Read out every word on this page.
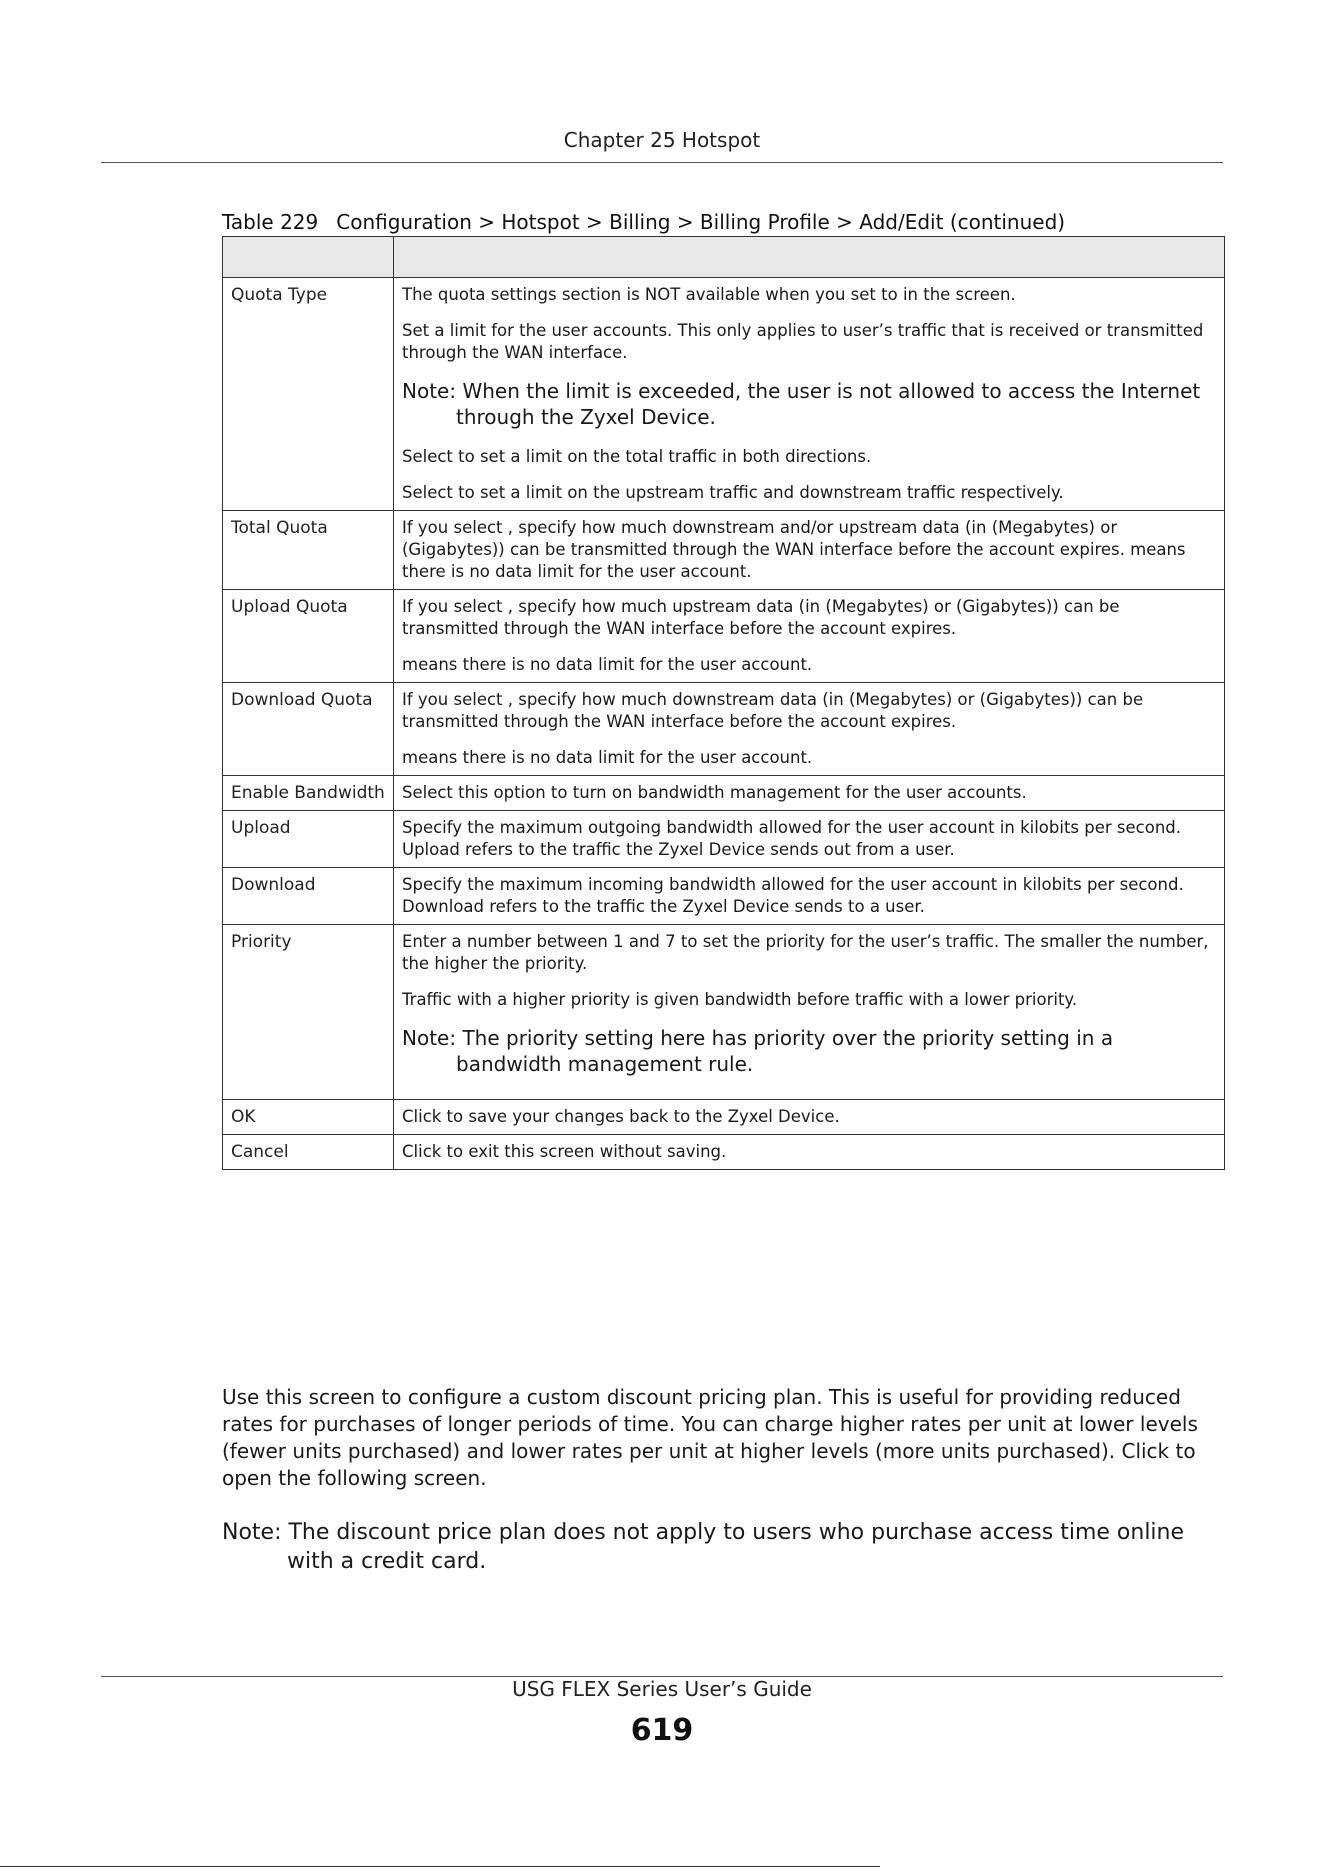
Chapter 25 Hotspot
Table 229 Configuration > Hotspot > Billing > Billing Profile > Add/Edit (continued)

Quota Type	The quota settings section is NOT available when you set to in the screen.

Set a limit for the user accounts. This only applies to user’s traffic that is received or transmitted through the WAN interface.

Note: When the limit is exceeded, the user is not allowed to access the Internet through the Zyxel Device.

Select to set a limit on the total traffic in both directions.

Select to set a limit on the upstream traffic and downstream traffic respectively.

Total Quota	If you select , specify how much downstream and/or upstream data (in (Megabytes) or (Gigabytes)) can be transmitted through the WAN interface before the account expires. means there is no data limit for the user account.

Upload Quota	If you select , specify how much upstream data (in (Megabytes) or (Gigabytes)) can be transmitted through the WAN interface before the account expires.

means there is no data limit for the user account.

Download Quota	If you select , specify how much downstream data (in (Megabytes) or (Gigabytes)) can be transmitted through the WAN interface before the account expires.

means there is no data limit for the user account.

Enable Bandwidth	Select this option to turn on bandwidth management for the user accounts.

Upload	Specify the maximum outgoing bandwidth allowed for the user account in kilobits per second. Upload refers to the traffic the Zyxel Device sends out from a user.

Download	Specify the maximum incoming bandwidth allowed for the user account in kilobits per second. Download refers to the traffic the Zyxel Device sends to a user.

Priority	Enter a number between 1 and 7 to set the priority for the user’s traffic. The smaller the number, the higher the priority.

Traffic with a higher priority is given bandwidth before traffic with a lower priority.

Note: The priority setting here has priority over the priority setting in a bandwidth management rule.

OK	Click to save your changes back to the Zyxel Device.

Cancel	Click to exit this screen without saving.

Use this screen to configure a custom discount pricing plan. This is useful for providing reduced rates for purchases of longer periods of time. You can charge higher rates per unit at lower levels (fewer units purchased) and lower rates per unit at higher levels (more units purchased). Click to open the following screen.
Note: The discount price plan does not apply to users who purchase access time online with a credit card.
USG FLEX Series User’s Guide
619
